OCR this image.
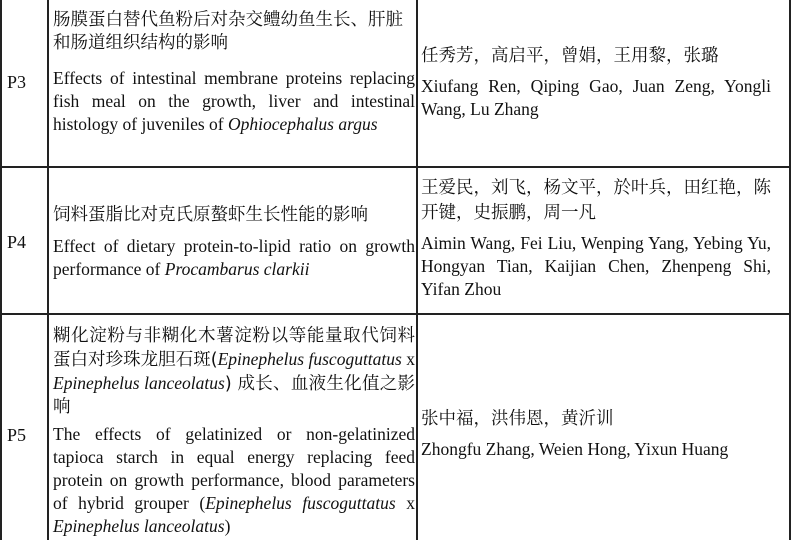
P3
肠膜蛋白替代鱼粉后对杂交鳢幼鱼生长、肝脏和肠道组织结构的影响
Effects of intestinal membrane proteins replacing fish meal on the growth, liver and intestinal histology of juveniles of Ophiocephalus argus
任秀芳，高启平，曾娟，王用黎，张璐
Xiufang Ren, Qiping Gao, Juan Zeng, Yongli Wang, Lu Zhang
P4
饲料蛋脂比对克氏原螯虾生长性能的影响
Effect of dietary protein-to-lipid ratio on growth performance of Procambarus clarkii
王爱民，刘飞，杨文平，於叶兵，田红艳，陈开键，史振鹏，周一凡
Aimin Wang, Fei Liu, Wenping Yang, Yebing Yu, Hongyan Tian, Kaijian Chen, Zhenpeng Shi, Yifan Zhou
P5
糊化淀粉与非糊化木薯淀粉以等能量取代饲料蛋白对珍珠龙胆石斑(Epinephelus fuscoguttatus x Epinephelus lanceolatus) 成长、血液生化值之影响
The effects of gelatinized or non-gelatinized tapioca starch in equal energy replacing feed protein on growth performance, blood parameters of hybrid grouper (Epinephelus fuscoguttatus x Epinephelus lanceolatus)
张中福，洪伟恩，黄沂训
Zhongfu Zhang, Weien Hong, Yixun Huang
